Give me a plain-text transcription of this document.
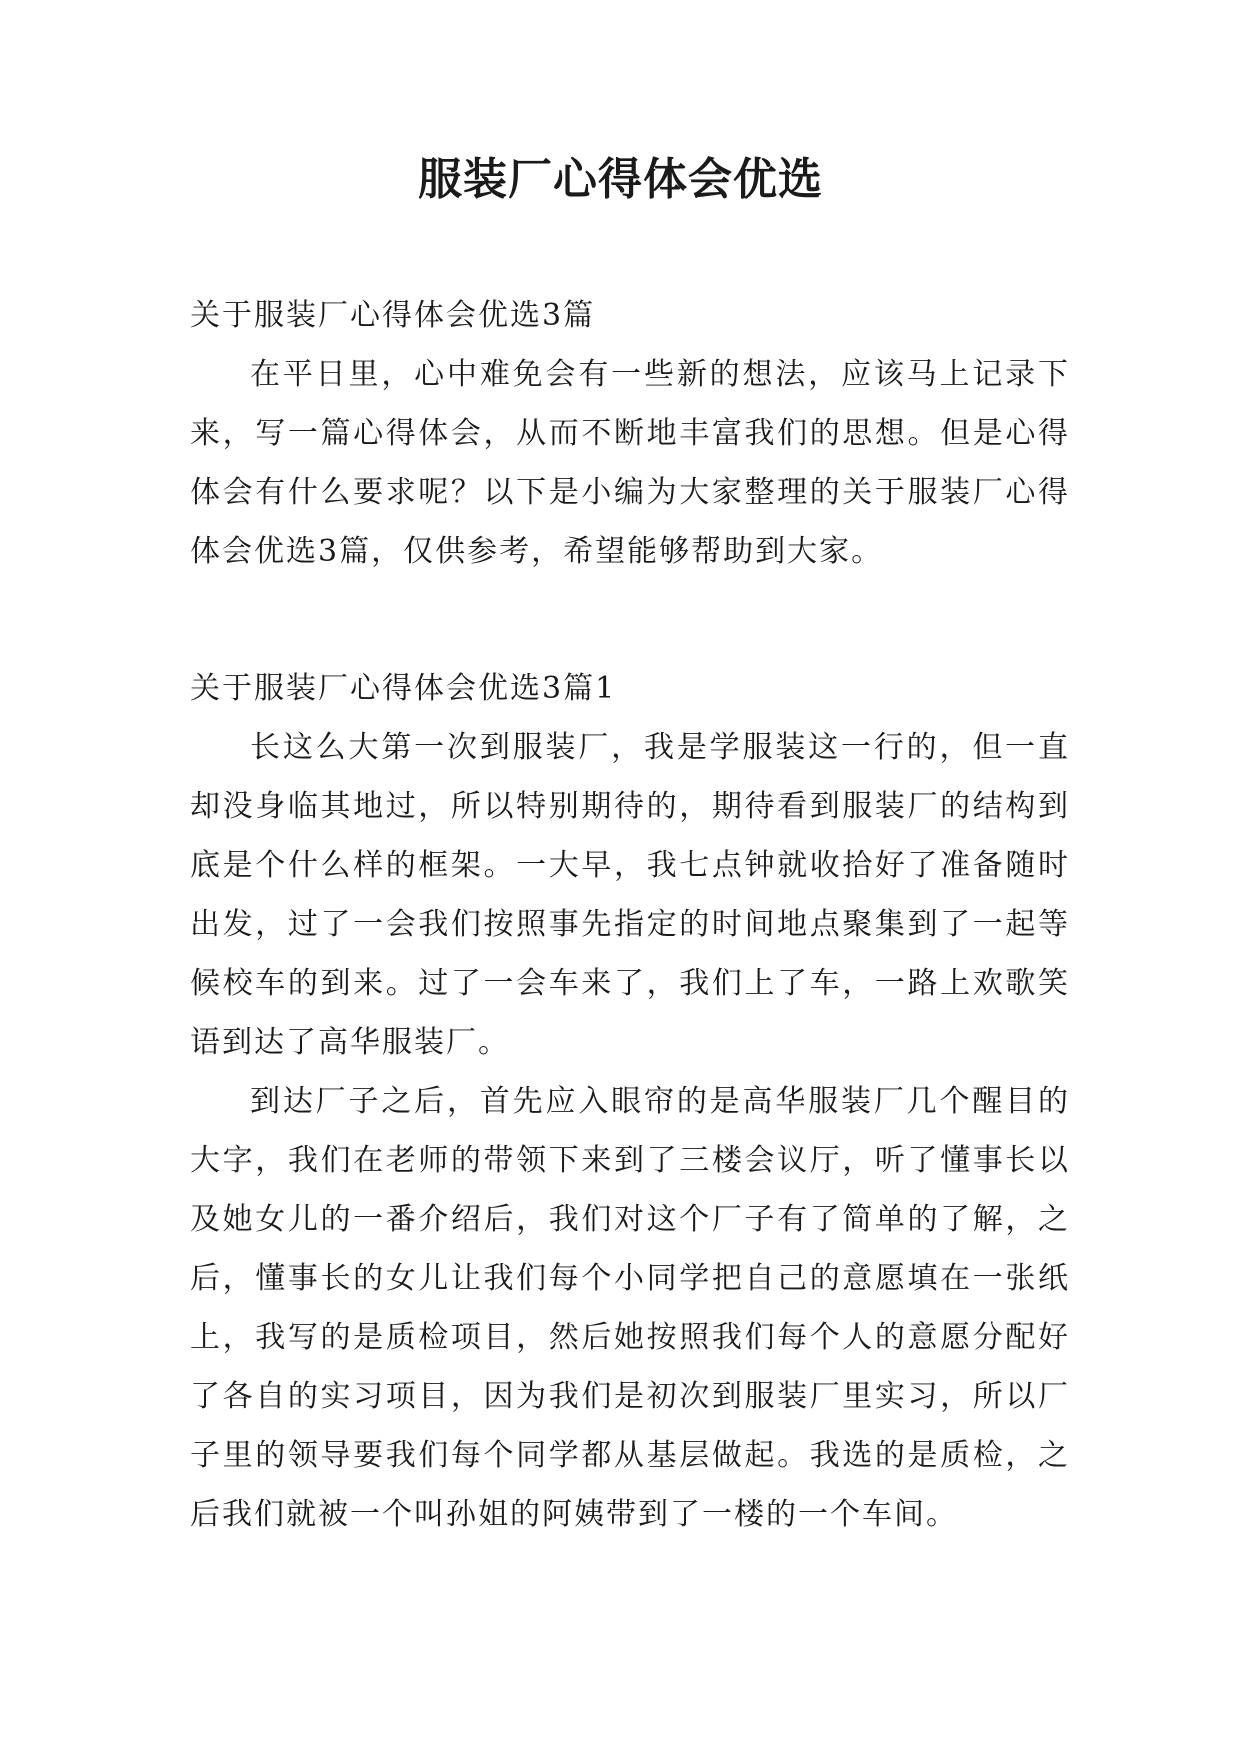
服装厂心得体会优选

关于服装厂心得体会优选3篇

在平日里，心中难免会有一些新的想法，应该马上记录下来，写一篇心得体会，从而不断地丰富我们的思想。但是心得体会有什么要求呢？以下是小编为大家整理的关于服装厂心得体会优选3篇，仅供参考，希望能够帮助到大家。

关于服装厂心得体会优选3篇1

长这么大第一次到服装厂，我是学服装这一行的，但一直却没身临其地过，所以特别期待的，期待看到服装厂的结构到底是个什么样的框架。一大早，我七点钟就收拾好了准备随时出发，过了一会我们按照事先指定的时间地点聚集到了一起等候校车的到来。过了一会车来了，我们上了车，一路上欢歌笑语到达了高华服装厂。

到达厂子之后，首先应入眼帘的是高华服装厂几个醒目的大字，我们在老师的带领下来到了三楼会议厅，听了懂事长以及她女儿的一番介绍后，我们对这个厂子有了简单的了解，之后，懂事长的女儿让我们每个小同学把自己的意愿填在一张纸上，我写的是质检项目，然后她按照我们每个人的意愿分配好了各自的实习项目，因为我们是初次到服装厂里实习，所以厂子里的领导要我们每个同学都从基层做起。我选的是质检，之后我们就被一个叫孙姐的阿姨带到了一楼的一个车间。
